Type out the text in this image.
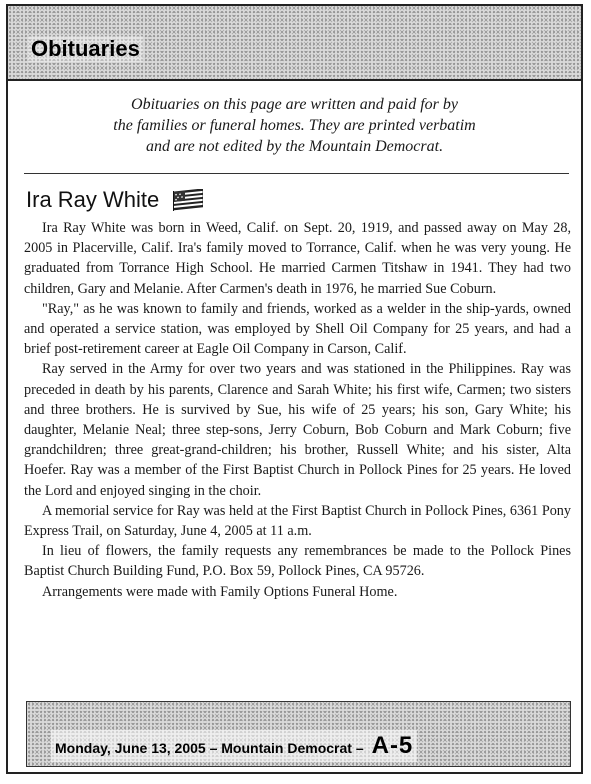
Obituaries
Obituaries on this page are written and paid for by
the families or funeral homes. They are printed verbatim
and are not edited by the Mountain Democrat.
Ira Ray White

Ira Ray White was born in Weed, Calif. on Sept. 20, 1919, and passed away on May 28, 2005 in Placerville, Calif. Ira's family moved to Torrance, Calif. when he was very young. He graduated from Torrance High School. He married Carmen Titshaw in 1941. They had two children, Gary and Melanie. After Carmen's death in 1976, he married Sue Coburn.

"Ray," as he was known to family and friends, worked as a welder in the ship-yards, owned and operated a service station, was employed by Shell Oil Company for 25 years, and had a brief post-retirement career at Eagle Oil Company in Carson, Calif.

Ray served in the Army for over two years and was stationed in the Philippines. Ray was preceded in death by his parents, Clarence and Sarah White; his first wife, Carmen; two sisters and three brothers. He is survived by Sue, his wife of 25 years; his son, Gary White; his daughter, Melanie Neal; three step-sons, Jerry Coburn, Bob Coburn and Mark Coburn; five grandchildren; three great-grand-children; his brother, Russell White; and his sister, Alta Hoefer. Ray was a member of the First Baptist Church in Pollock Pines for 25 years. He loved the Lord and enjoyed singing in the choir.

A memorial service for Ray was held at the First Baptist Church in Pollock Pines, 6361 Pony Express Trail, on Saturday, June 4, 2005 at 11 a.m.

In lieu of flowers, the family requests any remembrances be made to the Pollock Pines Baptist Church Building Fund, P.O. Box 59, Pollock Pines, CA 95726.

Arrangements were made with Family Options Funeral Home.

Monday, June 13, 2005 – Mountain Democrat – A-5
